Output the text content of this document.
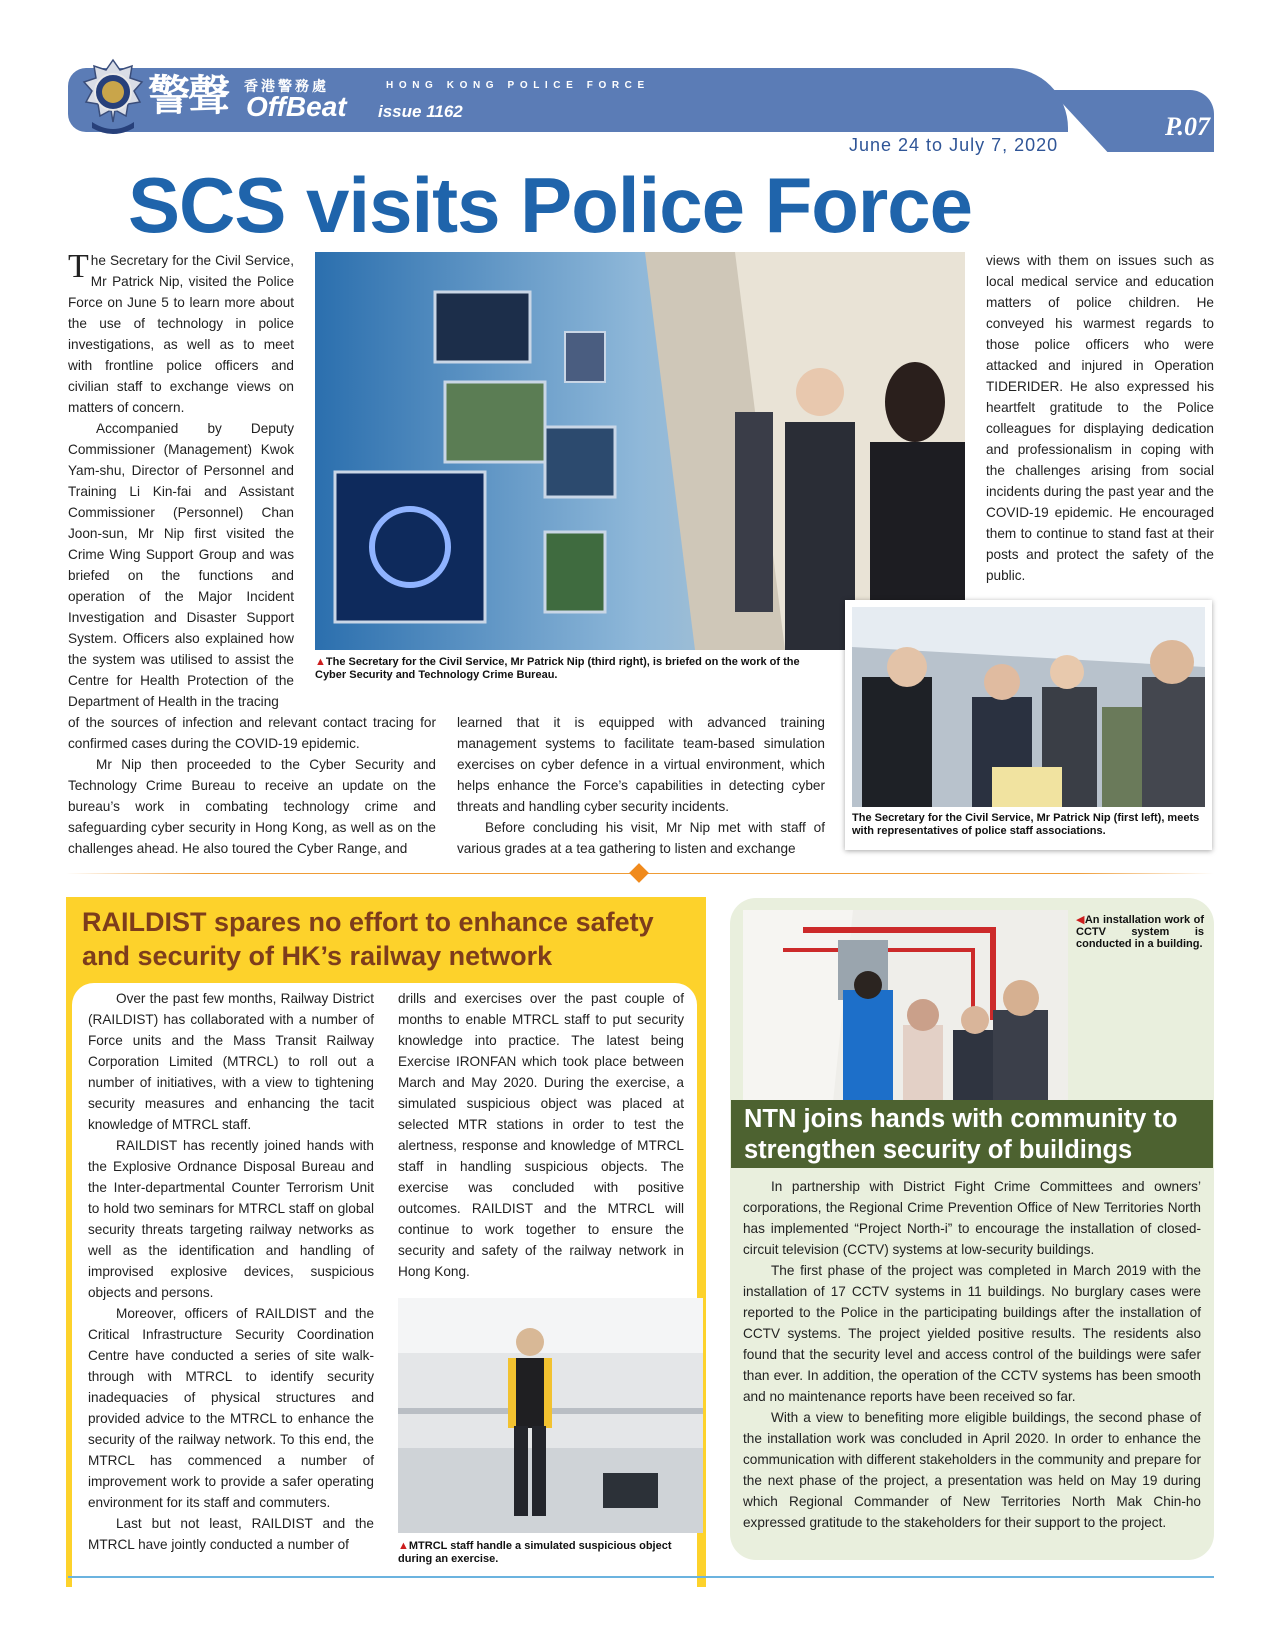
P.07
警聲 香港警務處
OffBeat issue 1162
HONG KONG POLICE FORCE
June 24 to July 7, 2020
SCS visits Police Force

The Secretary for the Civil Service, Mr Patrick Nip, visited the Police Force on June 5 to learn more about the use of technology in police investigations, as well as to meet with frontline police officers and civilian staff to exchange views on matters of concern.

Accompanied by Deputy Commissioner (Management) Kwok Yam-shu, Director of Personnel and Training Li Kin-fai and Assistant Commissioner (Personnel) Chan Joon-sun, Mr Nip first visited the Crime Wing Support Group and was briefed on the functions and operation of the Major Incident Investigation and Disaster Support System. Officers also explained how the system was utilised to assist the Centre for Health Protection of the Department of Health in the tracing

of the sources of infection and relevant contact tracing for confirmed cases during the COVID-19 epidemic.

Mr Nip then proceeded to the Cyber Security and Technology Crime Bureau to receive an update on the bureau’s work in combating technology crime and safeguarding cyber security in Hong Kong, as well as on the challenges ahead. He also toured the Cyber Range, and

learned that it is equipped with advanced training management systems to facilitate team-based simulation exercises on cyber defence in a virtual environment, which helps enhance the Force’s capabilities in detecting cyber threats and handling cyber security incidents.

Before concluding his visit, Mr Nip met with staff of various grades at a tea gathering to listen and exchange

views with them on issues such as local medical service and education matters of police children. He conveyed his warmest regards to those police officers who were attacked and injured in Operation TIDERIDER. He also expressed his heartfelt gratitude to the Police colleagues for displaying dedication and professionalism in coping with the challenges arising from social incidents during the past year and the COVID-19 epidemic. He encouraged them to continue to stand fast at their posts and protect the safety of the public.

▲The Secretary for the Civil Service, Mr Patrick Nip (third right), is briefed on the work of the Cyber Security and Technology Crime Bureau.
The Secretary for the Civil Service, Mr Patrick Nip (first left), meets with representatives of police staff associations.
RAILDIST spares no effort to enhance safety and security of HK’s railway network

Over the past few months, Railway District (RAILDIST) has collaborated with a number of Force units and the Mass Transit Railway Corporation Limited (MTRCL) to roll out a number of initiatives, with a view to tightening security measures and enhancing the tacit knowledge of MTRCL staff.

RAILDIST has recently joined hands with the Explosive Ordnance Disposal Bureau and the Inter-departmental Counter Terrorism Unit to hold two seminars for MTRCL staff on global security threats targeting railway networks as well as the identification and handling of improvised explosive devices, suspicious objects and persons.

Moreover, officers of RAILDIST and the Critical Infrastructure Security Coordination Centre have conducted a series of site walk-through with MTRCL to identify security inadequacies of physical structures and provided advice to the MTRCL to enhance the security of the railway network. To this end, the MTRCL has commenced a number of improvement work to provide a safer operating environment for its staff and commuters.

Last but not least, RAILDIST and the MTRCL have jointly conducted a number of

drills and exercises over the past couple of months to enable MTRCL staff to put security knowledge into practice. The latest being Exercise IRONFAN which took place between March and May 2020. During the exercise, a simulated suspicious object was placed at selected MTR stations in order to test the alertness, response and knowledge of MTRCL staff in handling suspicious objects. The exercise was concluded with positive outcomes. RAILDIST and the MTRCL will continue to work together to ensure the security and safety of the railway network in Hong Kong.

▲MTRCL staff handle a simulated suspicious object during an exercise.
◀An installation work of CCTV system is conducted in a building.
NTN joins hands with community to strengthen security of buildings

In partnership with District Fight Crime Committees and owners’ corporations, the Regional Crime Prevention Office of New Territories North has implemented “Project North-i” to encourage the installation of closed-circuit television (CCTV) systems at low-security buildings.

The first phase of the project was completed in March 2019 with the installation of 17 CCTV systems in 11 buildings. No burglary cases were reported to the Police in the participating buildings after the installation of CCTV systems. The project yielded positive results. The residents also found that the security level and access control of the buildings were safer than ever. In addition, the operation of the CCTV systems has been smooth and no maintenance reports have been received so far.

With a view to benefiting more eligible buildings, the second phase of the installation work was concluded in April 2020. In order to enhance the communication with different stakeholders in the community and prepare for the next phase of the project, a presentation was held on May 19 during which Regional Commander of New Territories North Mak Chin-ho expressed gratitude to the stakeholders for their support to the project.
